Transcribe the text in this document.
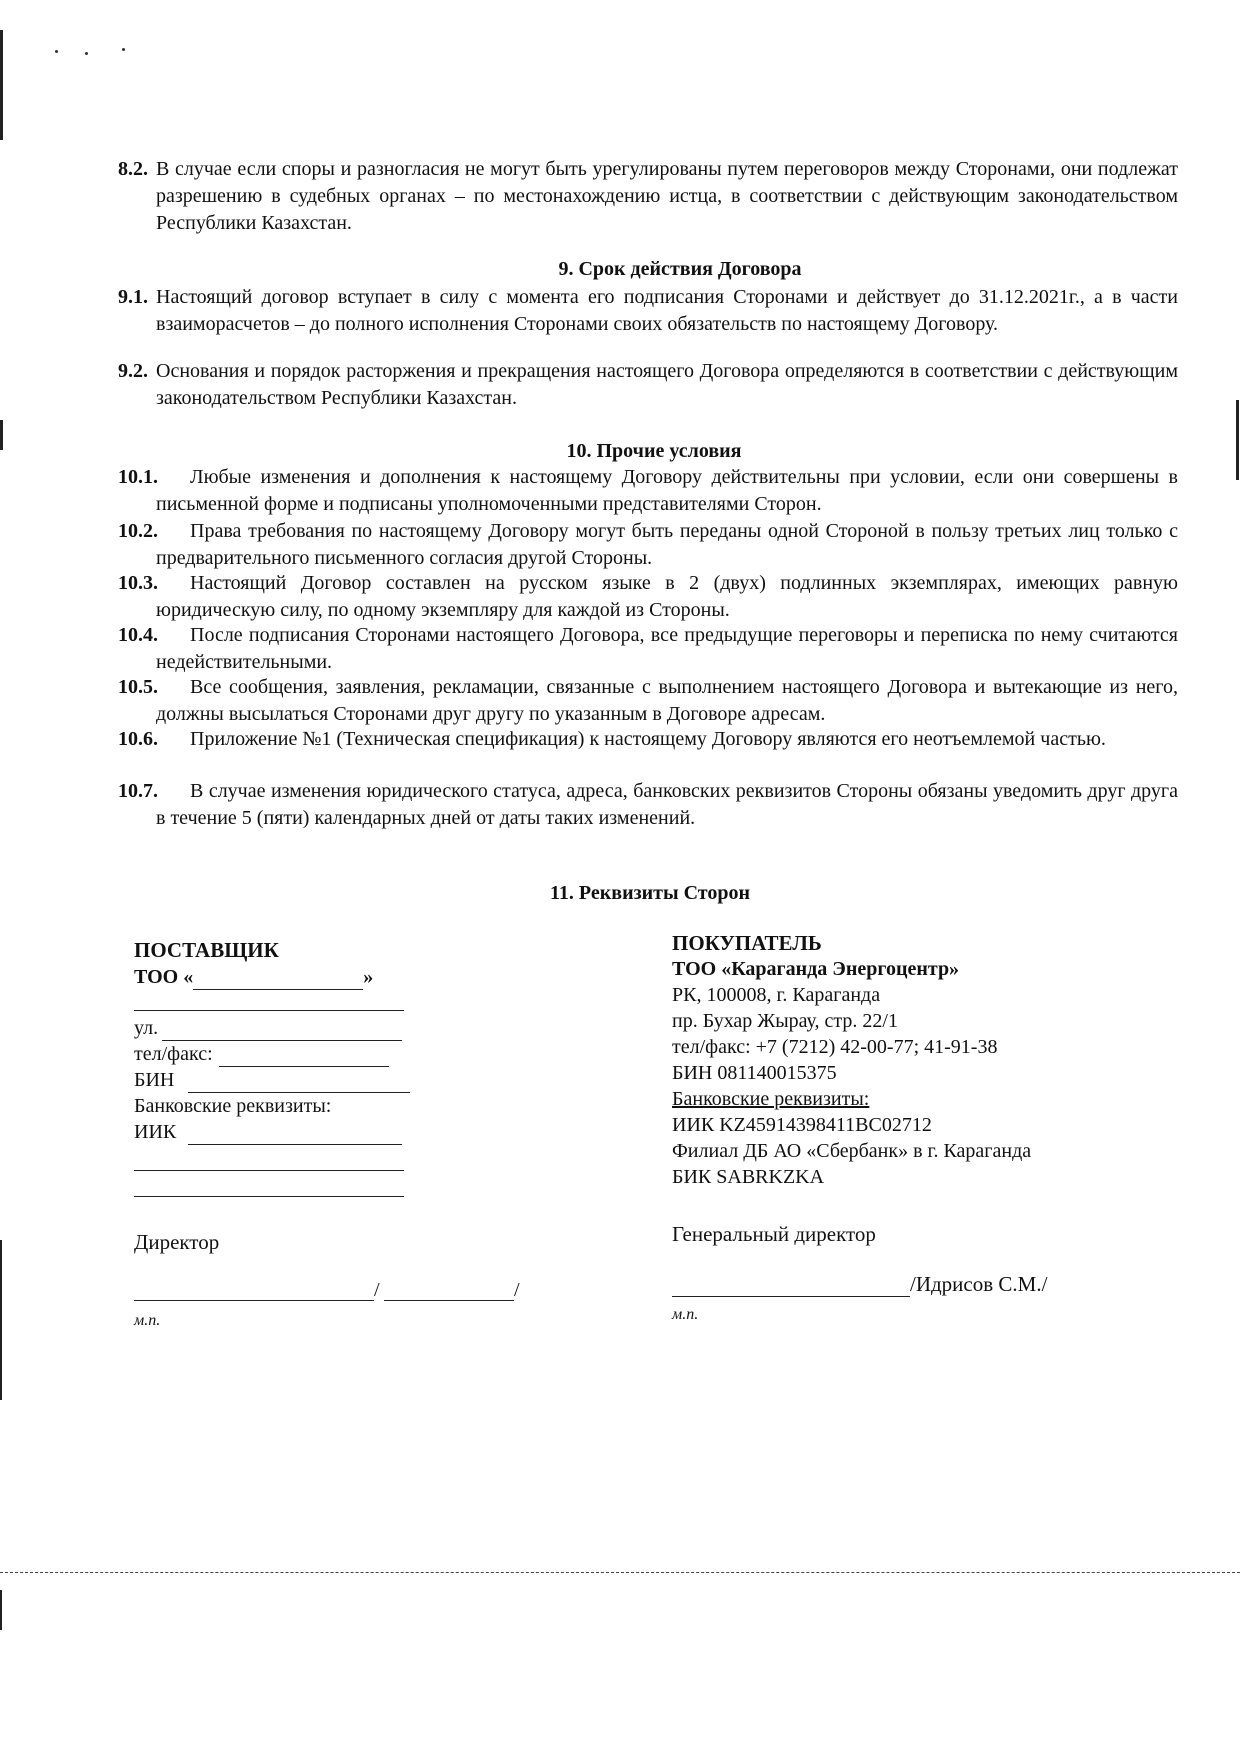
8.2. В случае если споры и разногласия не могут быть урегулированы путем переговоров между Сторонами, они подлежат разрешению в судебных органах – по местонахождению истца, в соответствии с действующим законодательством Республики Казахстан.
9. Срок действия Договора
9.1. Настоящий договор вступает в силу с момента его подписания Сторонами и действует до 31.12.2021г., а в части взаиморасчетов – до полного исполнения Сторонами своих обязательств по настоящему Договору.
9.2. Основания и порядок расторжения и прекращения настоящего Договора определяются в соответствии с действующим законодательством Республики Казахстан.
10. Прочие условия
10.1.	Любые изменения и дополнения к настоящему Договору действительны при условии, если они совершены в письменной форме и подписаны уполномоченными представителями Сторон.
10.2.	Права требования по настоящему Договору могут быть переданы одной Стороной в пользу третьих лиц только с предварительного письменного согласия другой Стороны.
10.3.	Настоящий Договор составлен на русском языке в 2 (двух) подлинных экземплярах, имеющих равную юридическую силу, по одному экземпляру для каждой из Стороны.
10.4.	После подписания Сторонами настоящего Договора, все предыдущие переговоры и переписка по нему считаются недействительными.
10.5.	Все сообщения, заявления, рекламации, связанные с выполнением настоящего Договора и вытекающие из него, должны высылаться Сторонами друг другу по указанным в Договоре адресам.
10.6.	Приложение №1 (Техническая спецификация) к настоящему Договору являются его неотъемлемой частью.
10.7.	В случае изменения юридического статуса, адреса, банковских реквизитов Стороны обязаны уведомить друг друга в течение 5 (пяти) календарных дней от даты таких изменений.
11. Реквизиты Сторон
ПОСТАВЩИК
ТОО «	»
ул.
тел/факс:
БИН
Банковские реквизиты:
ИИК
Директор
/	/
м.п.
ПОКУПАТЕЛЬ
ТОО «Караганда Энергоцентр»
РК, 100008, г. Караганда
пр. Бухар Жырау, стр. 22/1
тел/факс: +7 (7212) 42-00-77; 41-91-38
БИН 081140015375
Банковские реквизиты:
ИИК KZ45914398411BC02712
Филиал ДБ АО «Сбербанк» в г. Караганда
БИК SABRKZKA
Генеральный директор
/Идрисов С.М./
м.п.
